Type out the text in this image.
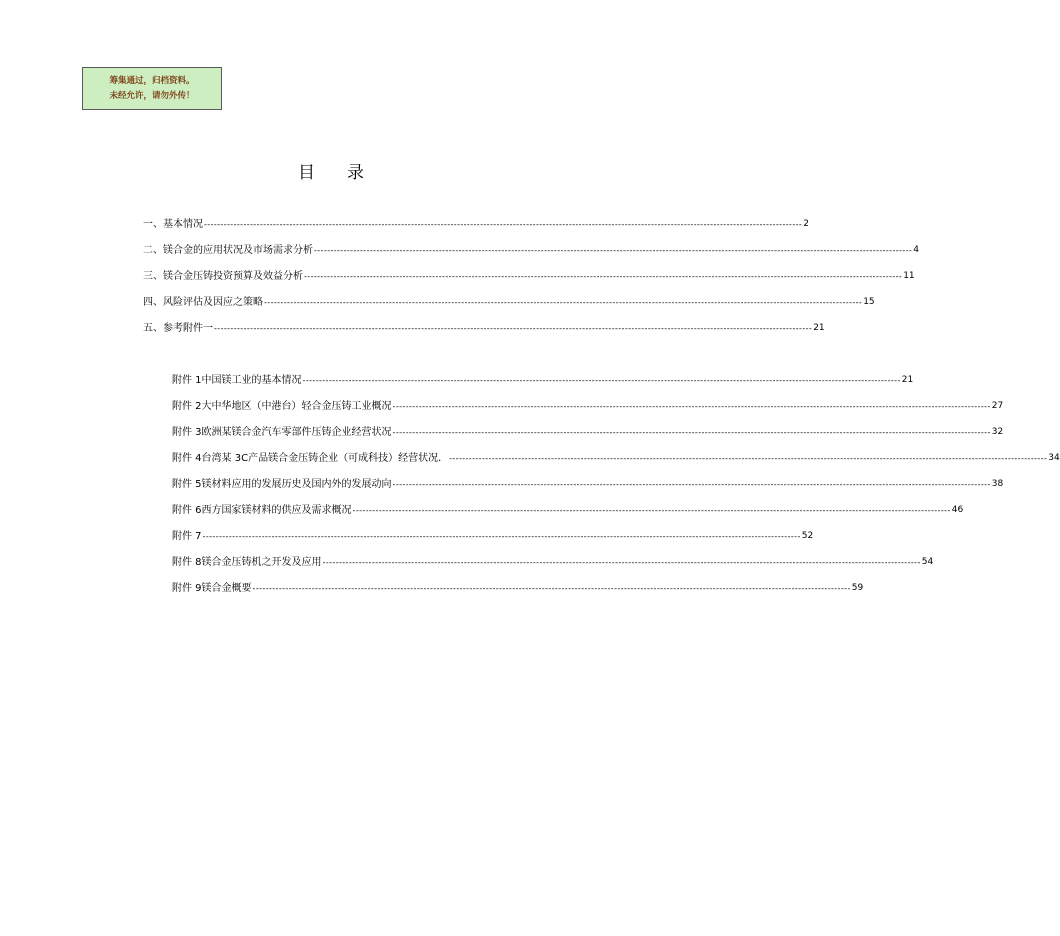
筹集通过，归档资料。
未经允许，请勿外传！
目 录
一、 基本情况 -------------------------------------------------------------------------------------------------------------------------------------------------------------------------------------- 2
二、 镁合金的应用状况及市场需求分析 -------------------------------------------------------------------------------------------------------------------------------------------------------------------------------------- 4
三、 镁合金压铸投资预算及效益分析 -------------------------------------------------------------------------------------------------------------------------------------------------------------------------------------- 11
四、 风险评估及因应之策略 -------------------------------------------------------------------------------------------------------------------------------------------------------------------------------------- 15
五、 参考附件一 -------------------------------------------------------------------------------------------------------------------------------------------------------------------------------------- 21
附件 1 中国镁工业的基本情况 -------------------------------------------------------------------------------------------------------------------------------------------------------------------------------------- 21
附件 2 大中华地区（中港台）轻合金压铸工业概况 -------------------------------------------------------------------------------------------------------------------------------------------------------------------------------------- 27
附件 3 欧洲某镁合金汽车零部件压铸企业经营状况 -------------------------------------------------------------------------------------------------------------------------------------------------------------------------------------- 32
附件 4 台湾某 3C产品镁合金压铸企业（可成科技）经营状况． -------------------------------------------------------------------------------------------------------------------------------------------------------------------------------------- 34
附件 5 镁材料应用的发展历史及国内外的发展动向 -------------------------------------------------------------------------------------------------------------------------------------------------------------------------------------- 38
附件 6 西方国家镁材料的供应及需求概况 -------------------------------------------------------------------------------------------------------------------------------------------------------------------------------------- 46
附件 7 -------------------------------------------------------------------------------------------------------------------------------------------------------------------------------------- 52
附件 8 镁合金压铸机之开发及应用 -------------------------------------------------------------------------------------------------------------------------------------------------------------------------------------- 54
附件 9 镁合金概要 -------------------------------------------------------------------------------------------------------------------------------------------------------------------------------------- 59
